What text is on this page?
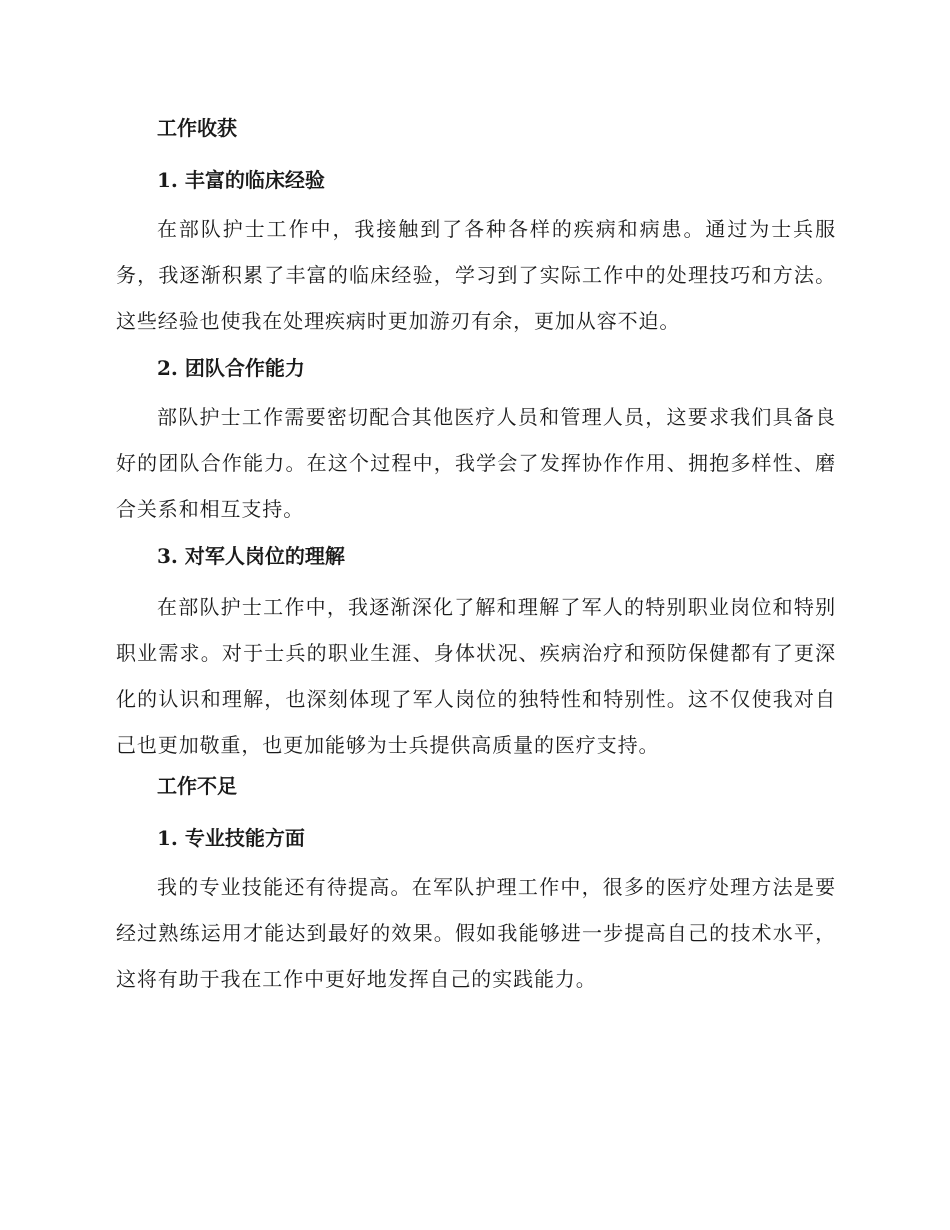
工作收获
1. 丰富的临床经验
在部队护士工作中，我接触到了各种各样的疾病和病患。通过为士兵服务，我逐渐积累了丰富的临床经验，学习到了实际工作中的处理技巧和方法。这些经验也使我在处理疾病时更加游刃有余，更加从容不迫。
2. 团队合作能力
部队护士工作需要密切配合其他医疗人员和管理人员，这要求我们具备良好的团队合作能力。在这个过程中，我学会了发挥协作作用、拥抱多样性、磨合关系和相互支持。
3. 对军人岗位的理解
在部队护士工作中，我逐渐深化了解和理解了军人的特别职业岗位和特别职业需求。对于士兵的职业生涯、身体状况、疾病治疗和预防保健都有了更深化的认识和理解，也深刻体现了军人岗位的独特性和特别性。这不仅使我对自己也更加敬重，也更加能够为士兵提供高质量的医疗支持。
工作不足
1. 专业技能方面
我的专业技能还有待提高。在军队护理工作中，很多的医疗处理方法是要经过熟练运用才能达到最好的效果。假如我能够进一步提高自己的技术水平，这将有助于我在工作中更好地发挥自己的实践能力。
